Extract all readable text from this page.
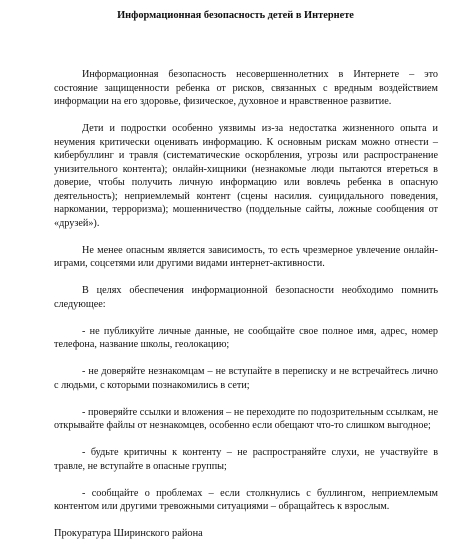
Информационная безопасность детей в Интернете

Информационная безопасность несовершеннолетних в Интернете – это состояние защищенности ребенка от рисков, связанных с вредным воздействием информации на его здоровье, физическое, духовное и нравственное развитие.

Дети и подростки особенно уязвимы из-за недостатка жизненного опыта и неумения критически оценивать информацию. К основным рискам можно отнести – кибербуллинг и травля (систематические оскорбления, угрозы или распространение унизительного контента); онлайн-хищники (незнакомые люди пытаются втереться в доверие, чтобы получить личную информацию или вовлечь ребенка в опасную деятельность); неприемлемый контент (сцены насилия. суицидального поведения, наркомании, терроризма); мошенничество (поддельные сайты, ложные сообщения от «друзей»).

Не менее опасным является зависимость, то есть чрезмерное увлечение онлайн-играми, соцсетями или другими видами интернет-активности.

В целях обеспечения информационной безопасности необходимо помнить следующее:

- не публикуйте личные данные, не сообщайте свое полное имя, адрес, номер телефона, название школы, геолокацию;

- не доверяйте незнакомцам – не вступайте в переписку и не встречайтесь лично с людьми, с которыми познакомились в сети;

- проверяйте ссылки и вложения – не переходите по подозрительным ссылкам, не открывайте файлы от незнакомцев, особенно если обещают что-то слишком выгодное;

- будьте критичны к контенту – не распространяйте слухи, не участвуйте в травле, не вступайте в опасные группы;

- сообщайте о проблемах – если столкнулись с буллингом, неприемлемым контентом или другими тревожными ситуациями – обращайтесь к взрослым.

Прокуратура Ширинского района
